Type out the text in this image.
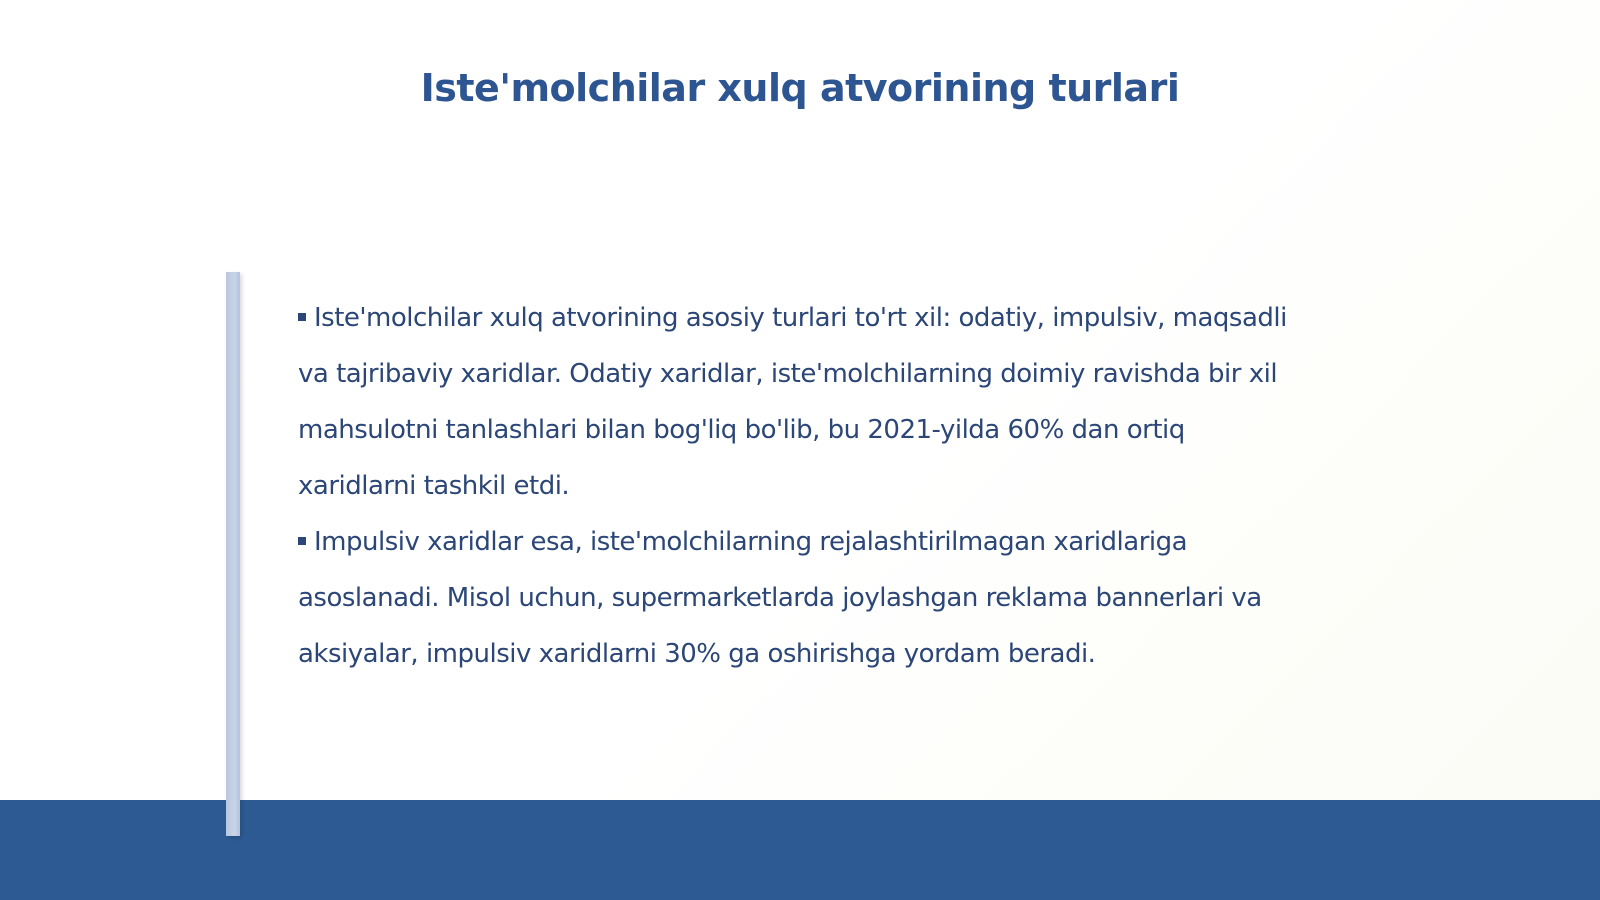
Iste'molchilar xulq atvorining turlari

Iste'molchilar xulq atvorining asosiy turlari to'rt xil: odatiy, impulsiv, maqsadli va tajribaviy xaridlar. Odatiy xaridlar, iste'molchilarning doimiy ravishda bir xil mahsulotni tanlashlari bilan bog'liq bo'lib, bu 2021-yilda 60% dan ortiq xaridlarni tashkil etdi.

Impulsiv xaridlar esa, iste'molchilarning rejalashtirilmagan xaridlariga asoslanadi. Misol uchun, supermarketlarda joylashgan reklama bannerlari va aksiyalar, impulsiv xaridlarni 30% ga oshirishga yordam beradi.
